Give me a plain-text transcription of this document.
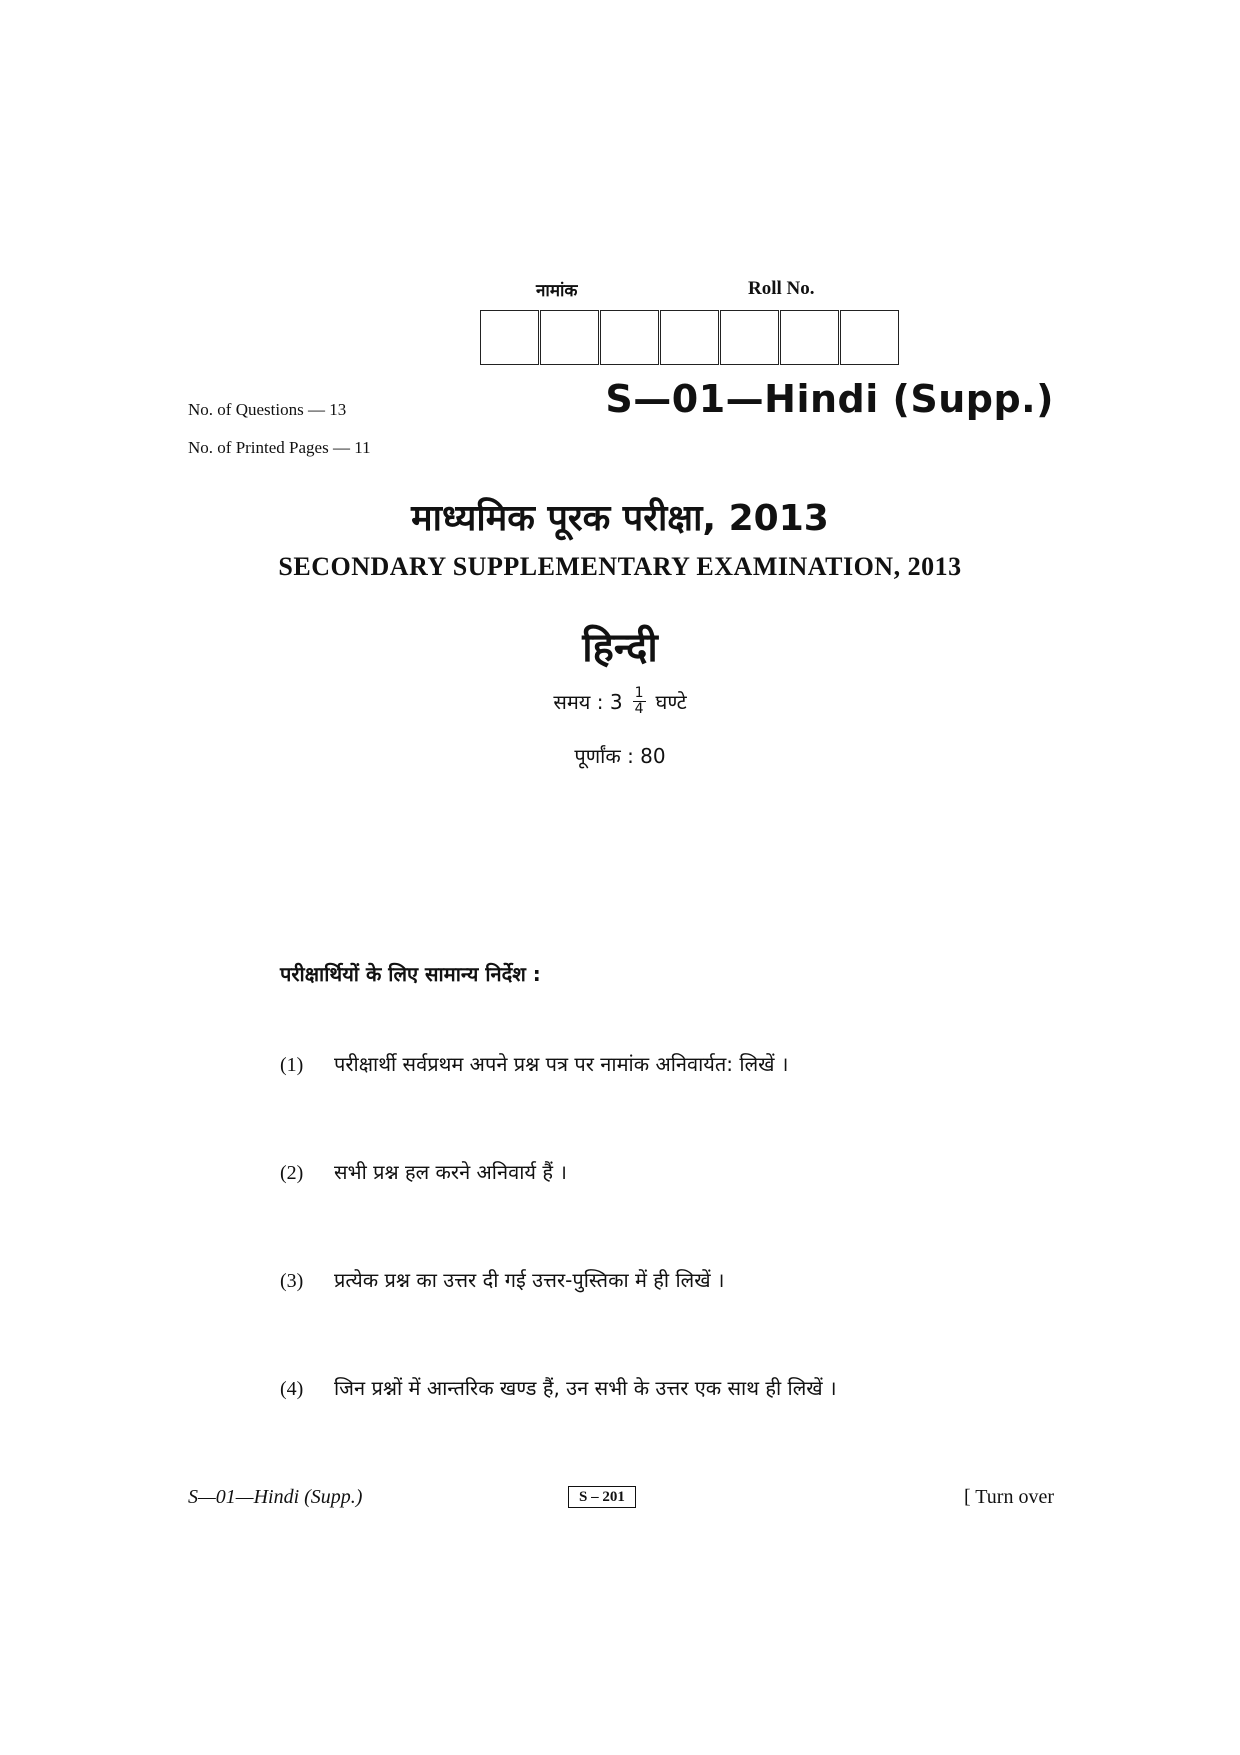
नामांक	Roll No.
No. of Questions — 13
No. of Printed Pages — 11
S—01—Hindi (Supp.)
माध्यमिक पूरक परीक्षा, 2013
SECONDARY SUPPLEMENTARY EXAMINATION, 2013
हिन्दी
समय : $3 \frac{1}{4}$ घण्टे
पूर्णांक : 80
परीक्षार्थियों के लिए सामान्य निर्देश :
(1) परीक्षार्थी सर्वप्रथम अपने प्रश्न पत्र पर नामांक अनिवार्यत: लिखें ।
(2) सभी प्रश्न हल करने अनिवार्य हैं ।
(3) प्रत्येक प्रश्न का उत्तर दी गई उत्तर-पुस्तिका में ही लिखें ।
(4) जिन प्रश्नों में आन्तरिक खण्ड हैं, उन सभी के उत्तर एक साथ ही लिखें ।
S—01—Hindi (Supp.)	S – 201	[ Turn over
